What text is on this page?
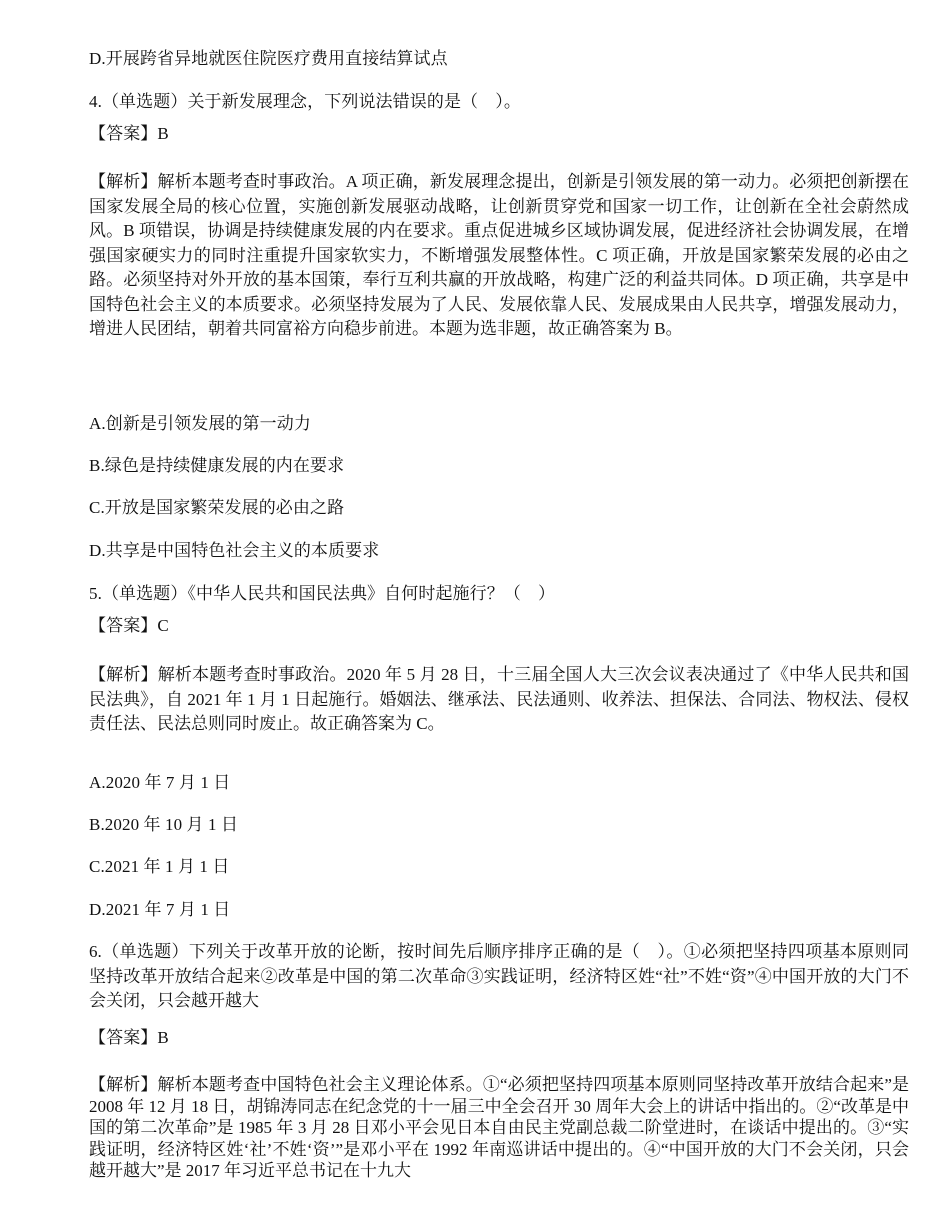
D.开展跨省异地就医住院医疗费用直接结算试点
4.（单选题）关于新发展理念，下列说法错误的是（　）。
【答案】B
【解析】解析本题考查时事政治。A 项正确，新发展理念提出，创新是引领发展的第一动力。必须把创新摆在国家发展全局的核心位置，实施创新发展驱动战略，让创新贯穿党和国家一切工作，让创新在全社会蔚然成风。B 项错误，协调是持续健康发展的内在要求。重点促进城乡区域协调发展，促进经济社会协调发展，在增强国家硬实力的同时注重提升国家软实力，不断增强发展整体性。C 项正确，开放是国家繁荣发展的必由之路。必须坚持对外开放的基本国策，奉行互利共赢的开放战略，构建广泛的利益共同体。D 项正确，共享是中国特色社会主义的本质要求。必须坚持发展为了人民、发展依靠人民、发展成果由人民共享，增强发展动力，增进人民团结，朝着共同富裕方向稳步前进。本题为选非题，故正确答案为 B。
A.创新是引领发展的第一动力
B.绿色是持续健康发展的内在要求
C.开放是国家繁荣发展的必由之路
D.共享是中国特色社会主义的本质要求
5.（单选题）《中华人民共和国民法典》自何时起施行？（　）
【答案】C
【解析】解析本题考查时事政治。2020 年 5 月 28 日，十三届全国人大三次会议表决通过了《中华人民共和国民法典》，自 2021 年 1 月 1 日起施行。婚姻法、继承法、民法通则、收养法、担保法、合同法、物权法、侵权责任法、民法总则同时废止。故正确答案为 C。
A.2020 年 7 月 1 日
B.2020 年 10 月 1 日
C.2021 年 1 月 1 日
D.2021 年 7 月 1 日
6.（单选题）下列关于改革开放的论断，按时间先后顺序排序正确的是（　）。①必须把坚持四项基本原则同坚持改革开放结合起来②改革是中国的第二次革命③实践证明，经济特区姓“社”不姓“资”④中国开放的大门不会关闭，只会越开越大
【答案】B
【解析】解析本题考查中国特色社会主义理论体系。①“必须把坚持四项基本原则同坚持改革开放结合起来”是 2008 年 12 月 18 日，胡锦涛同志在纪念党的十一届三中全会召开 30 周年大会上的讲话中指出的。②“改革是中国的第二次革命”是 1985 年 3 月 28 日邓小平会见日本自由民主党副总裁二阶堂进时，在谈话中提出的。③“实践证明，经济特区姓‘社’不姓‘资’”是邓小平在 1992 年南巡讲话中提出的。④“中国开放的大门不会关闭，只会越开越大”是 2017 年习近平总书记在十九大
